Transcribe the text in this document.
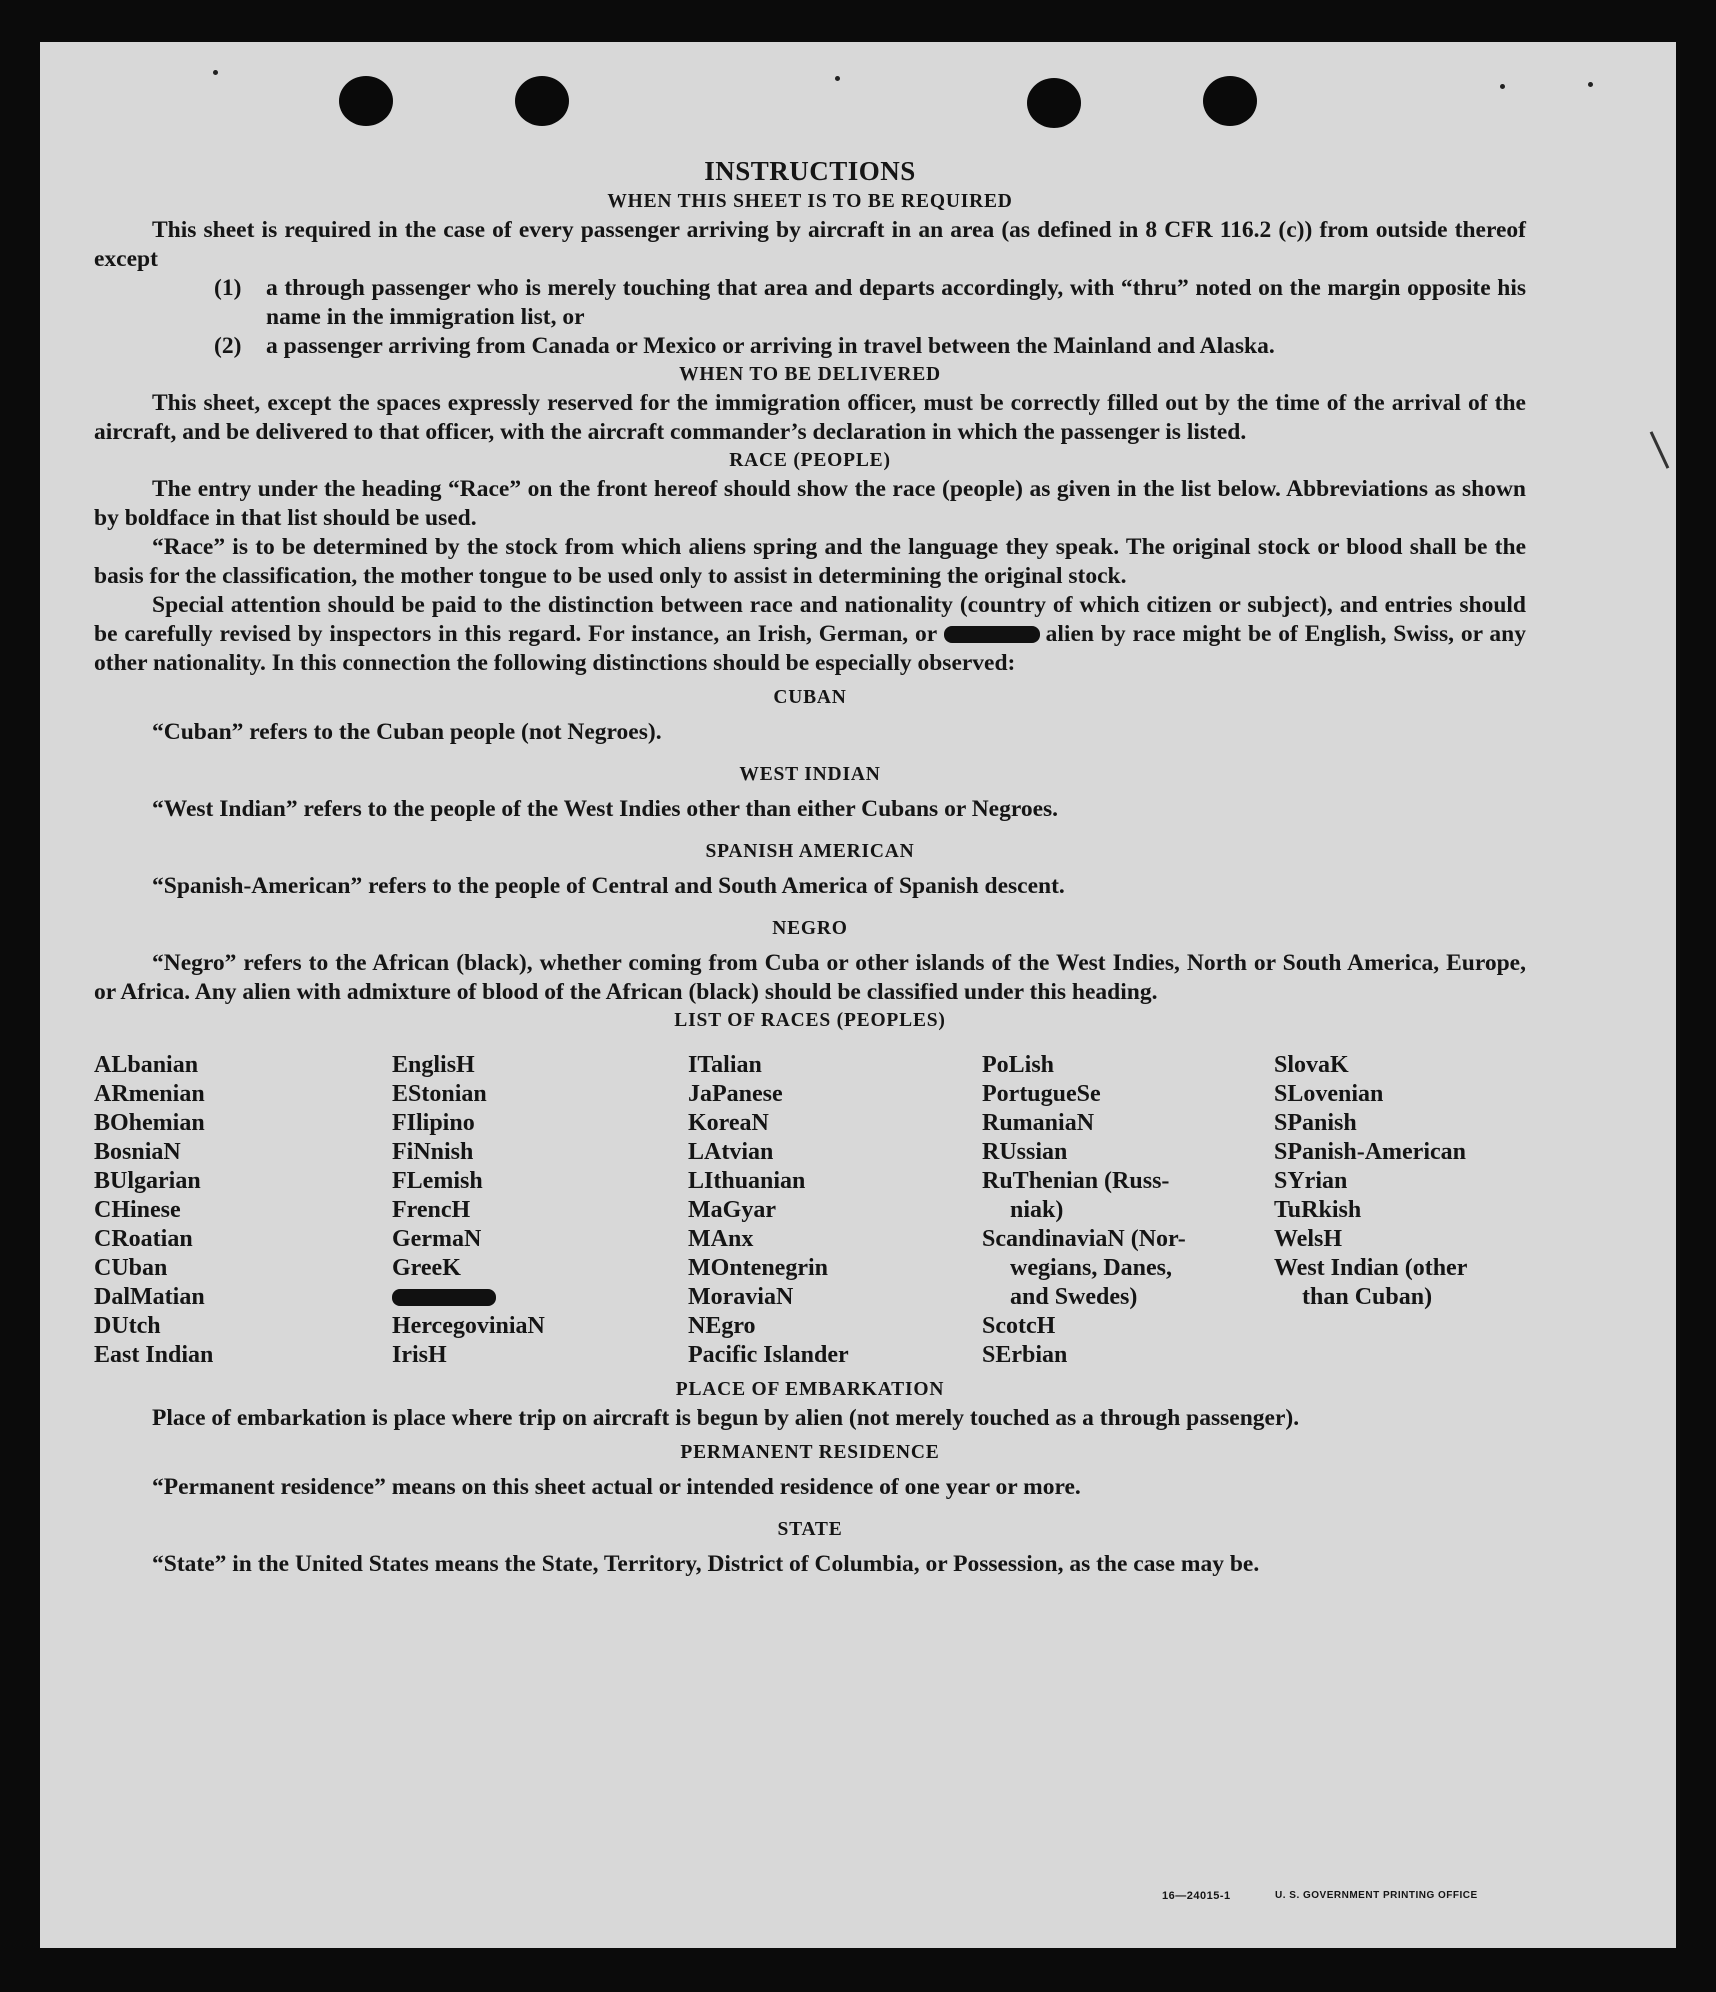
INSTRUCTIONS
WHEN THIS SHEET IS TO BE REQUIRED

This sheet is required in the case of every passenger arriving by aircraft in an area (as defined in 8 CFR 116.2 (c)) from outside thereof except

(1)	a through passenger who is merely touching that area and departs accordingly, with “thru” noted on the margin opposite his name in the immigration list, or
(2)	a passenger arriving from Canada or Mexico or arriving in travel between the Mainland and Alaska.
WHEN TO BE DELIVERED

This sheet, except the spaces expressly reserved for the immigration officer, must be correctly filled out by the time of the arrival of the aircraft, and be delivered to that officer, with the aircraft commander’s declaration in which the passenger is listed.

RACE (PEOPLE)

The entry under the heading “Race” on the front hereof should show the race (people) as given in the list below. Abbreviations as shown by boldface in that list should be used.

“Race” is to be determined by the stock from which aliens spring and the language they speak. The original stock or blood shall be the basis for the classification, the mother tongue to be used only to assist in determining the original stock.

Special attention should be paid to the distinction between race and nationality (country of which citizen or subject), and entries should be carefully revised by inspectors in this regard. For instance, an Irish, German, or	alien by race might be of English, Swiss, or any other nationality. In this connection the following distinctions should be especially observed:

CUBAN

“Cuban” refers to the Cuban people (not Negroes).

WEST INDIAN

“West Indian” refers to the people of the West Indies other than either Cubans or Negroes.

SPANISH AMERICAN

“Spanish-American” refers to the people of Central and South America of Spanish descent.

NEGRO

“Negro” refers to the African (black), whether coming from Cuba or other islands of the West Indies, North or South America, Europe, or Africa. Any alien with admixture of blood of the African (black) should be classified under this heading.

LIST OF RACES (PEOPLES)
ALbanian
ARmenian
BOhemian
BosniaN
BUlgarian
CHinese
CRoatian
CUban
DalMatian
DUtch
East Indian
EnglisH
EStonian
FIlipino
FiNnish
FLemish
FrencH
GermaN
GreeK
HercegoviniaN
IrisH
ITalian
JaPanese
KoreaN
LAtvian
LIthuanian
MaGyar
MAnx
MOntenegrin
MoraviaN
NEgro
Pacific Islander
PoLish
PortugueSe
RumaniaN
RUssian
RuThenian (Russ-
niak)
ScandinaviaN (Nor-
wegians, Danes,
and Swedes)
ScotcH
SErbian
SlovaK
SLovenian
SPanish
SPanish-American
SYrian
TuRkish
WelsH
West Indian (other
than Cuban)
PLACE OF EMBARKATION

Place of embarkation is place where trip on aircraft is begun by alien (not merely touched as a through passenger).

PERMANENT RESIDENCE

“Permanent residence” means on this sheet actual or intended residence of one year or more.

STATE

“State” in the United States means the State, Territory, District of Columbia, or Possession, as the case may be.

16—24015-1	U. S. GOVERNMENT PRINTING OFFICE
